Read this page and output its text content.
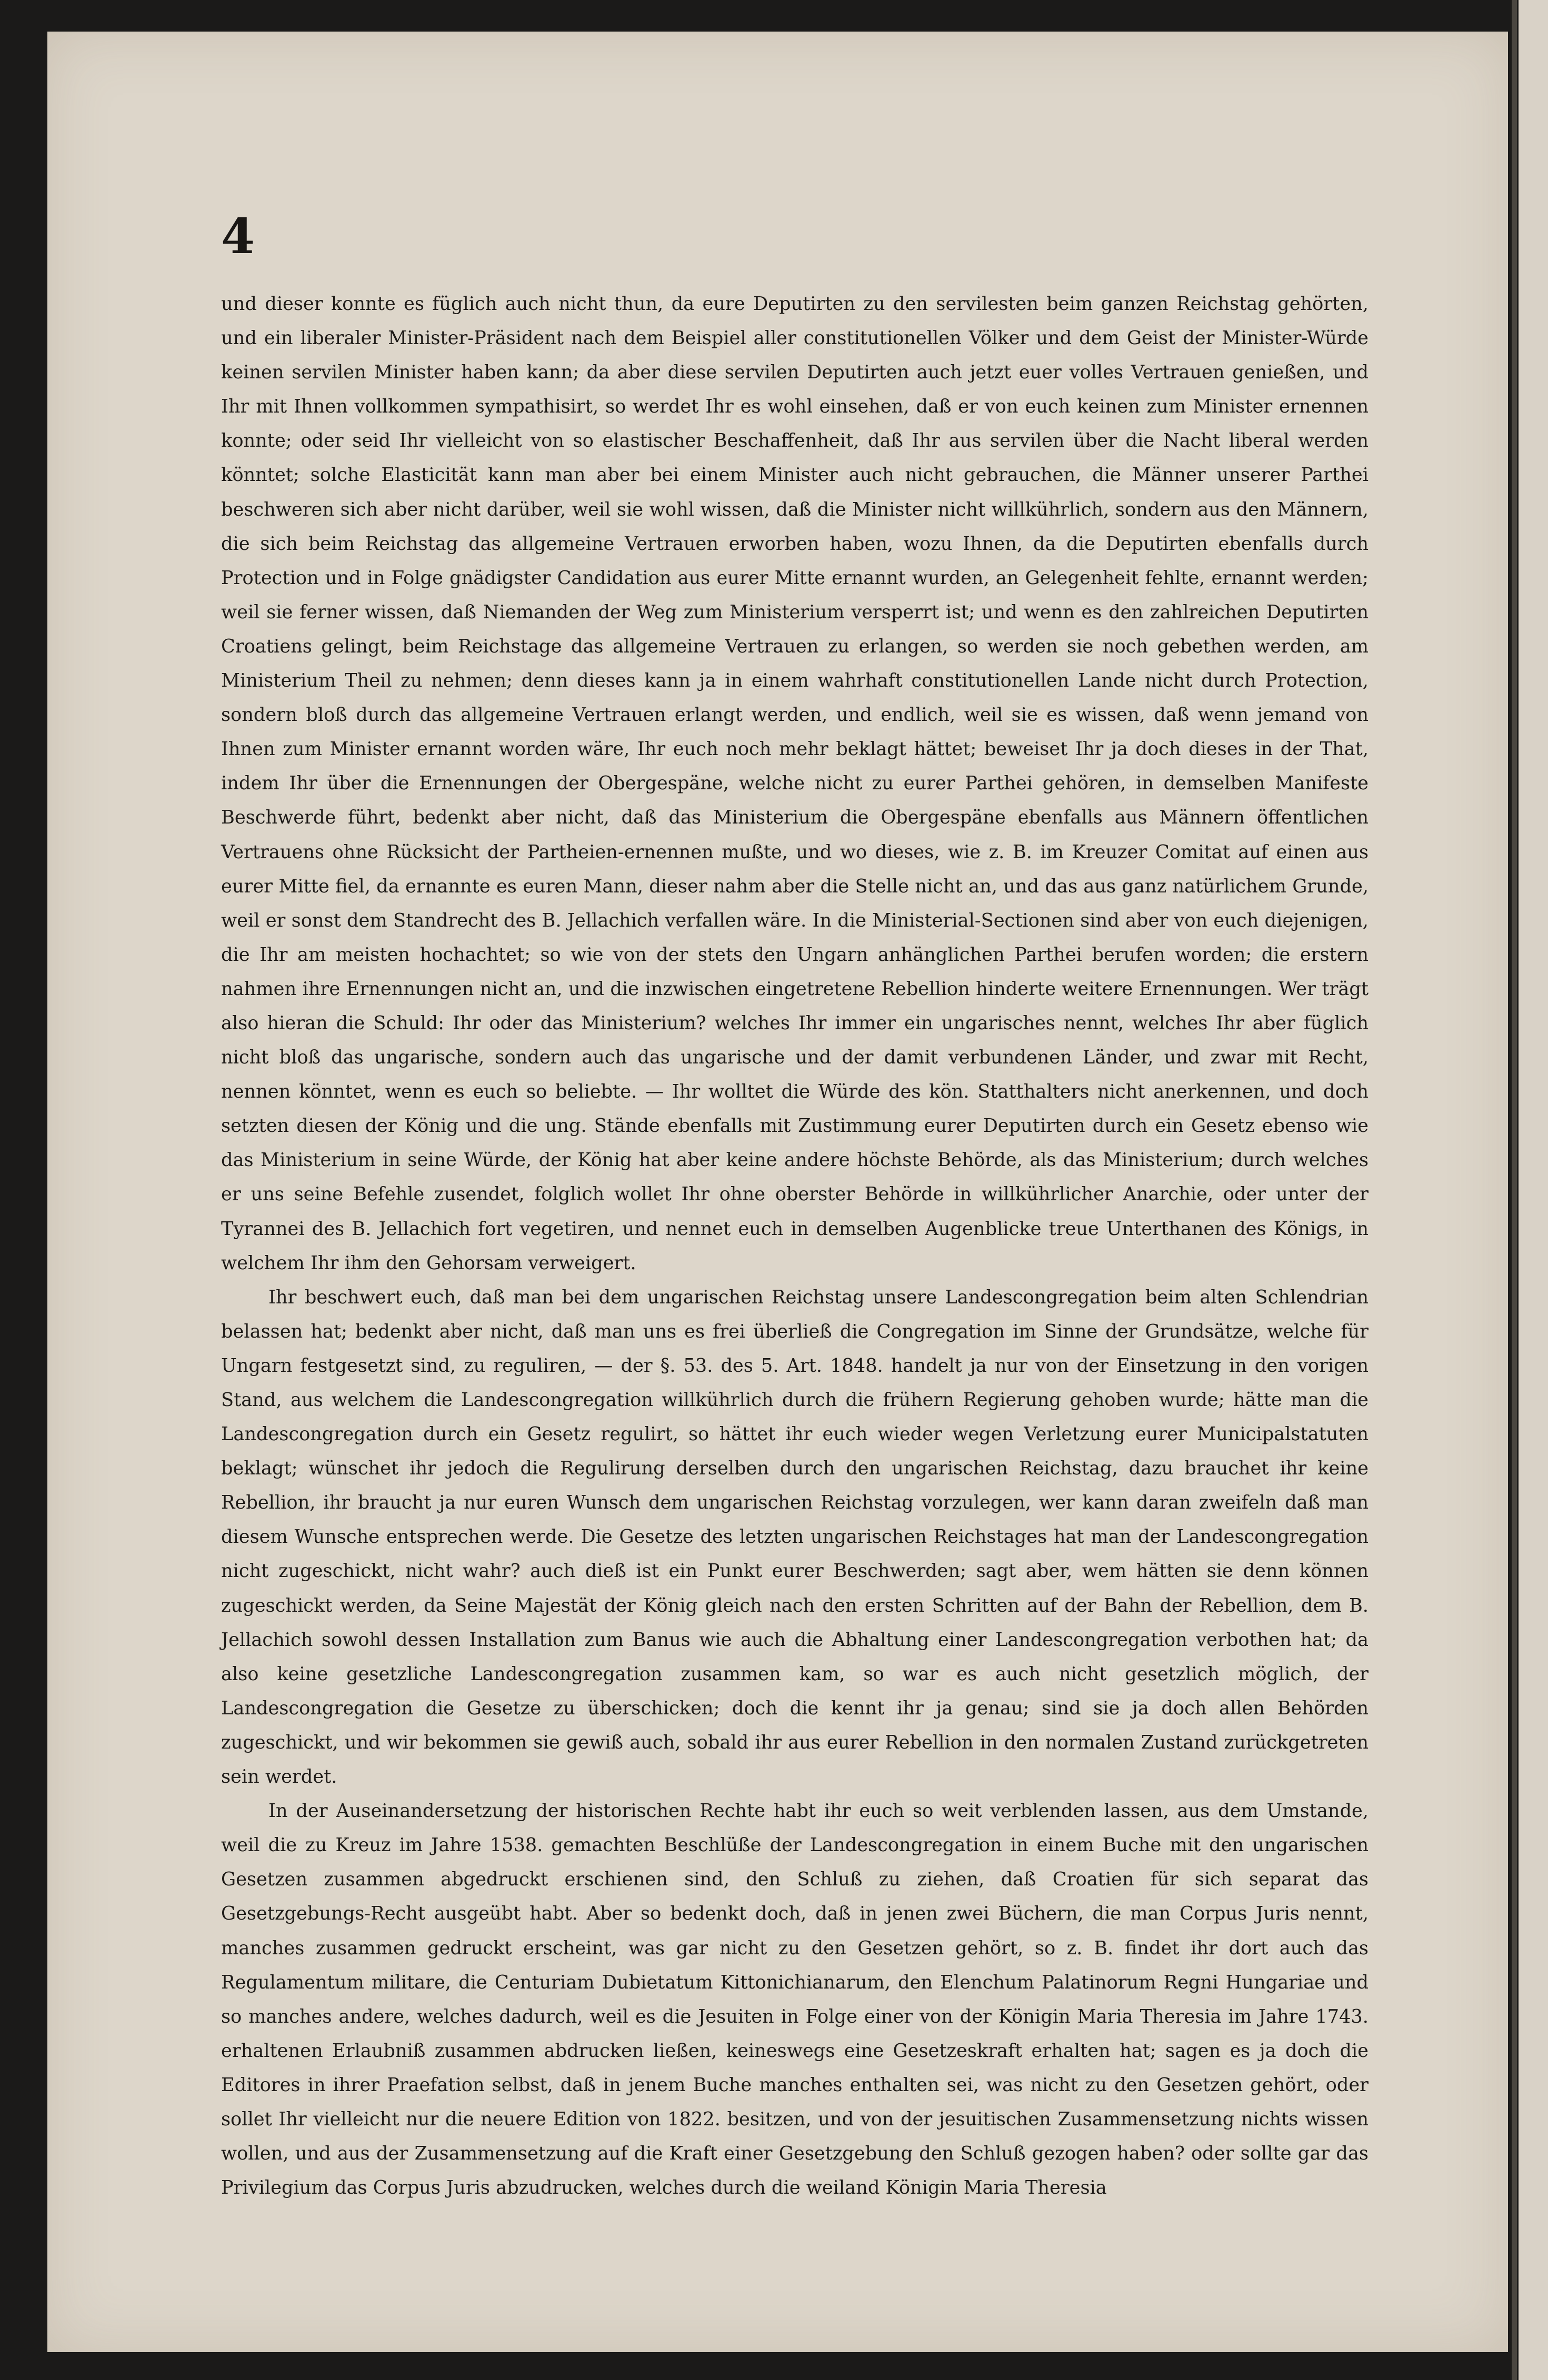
4

und dieser konnte es füglich auch nicht thun, da eure Deputirten zu den servilesten beim ganzen Reichstag gehörten, und ein liberaler Minister-Präsident nach dem Beispiel aller constitutionellen Völker und dem Geist der Minister-Würde keinen servilen Minister haben kann; da aber diese servilen Deputirten auch jetzt euer volles Vertrauen genießen, und Ihr mit Ihnen vollkommen sympathisirt, so werdet Ihr es wohl einsehen, daß er von euch keinen zum Minister ernennen konnte; oder seid Ihr vielleicht von so elastischer Beschaffenheit, daß Ihr aus servilen über die Nacht liberal werden könntet; solche Elasticität kann man aber bei einem Minister auch nicht gebrauchen, die Männer unserer Parthei beschweren sich aber nicht darüber, weil sie wohl wissen, daß die Minister nicht willkührlich, sondern aus den Männern, die sich beim Reichstag das allgemeine Vertrauen erworben haben, wozu Ihnen, da die Deputirten ebenfalls durch Protection und in Folge gnädigster Candidation aus eurer Mitte ernannt wurden, an Gelegenheit fehlte, ernannt werden; weil sie ferner wissen, daß Niemanden der Weg zum Ministerium versperrt ist; und wenn es den zahlreichen Deputirten Croatiens gelingt, beim Reichstage das allgemeine Vertrauen zu erlangen, so werden sie noch gebethen werden, am Ministerium Theil zu nehmen; denn dieses kann ja in einem wahrhaft constitutionellen Lande nicht durch Protection, sondern bloß durch das allgemeine Vertrauen erlangt werden, und endlich, weil sie es wissen, daß wenn jemand von Ihnen zum Minister ernannt worden wäre, Ihr euch noch mehr beklagt hättet; beweiset Ihr ja doch dieses in der That, indem Ihr über die Ernennungen der Obergespäne, welche nicht zu eurer Parthei gehören, in demselben Manifeste Beschwerde führt, bedenkt aber nicht, daß das Ministerium die Obergespäne ebenfalls aus Männern öffentlichen Vertrauens ohne Rücksicht der Partheien-ernennen mußte, und wo dieses, wie z. B. im Kreuzer Comitat auf einen aus eurer Mitte fiel, da ernannte es euren Mann, dieser nahm aber die Stelle nicht an, und das aus ganz natürlichem Grunde, weil er sonst dem Standrecht des B. Jellachich verfallen wäre. In die Ministerial-Sectionen sind aber von euch diejenigen, die Ihr am meisten hochachtet; so wie von der stets den Ungarn anhänglichen Parthei berufen worden; die erstern nahmen ihre Ernennungen nicht an, und die inzwischen eingetretene Rebellion hinderte weitere Ernennungen. Wer trägt also hieran die Schuld: Ihr oder das Ministerium? welches Ihr immer ein ungarisches nennt, welches Ihr aber füglich nicht bloß das ungarische, sondern auch das ungarische und der damit verbundenen Länder, und zwar mit Recht, nennen könntet, wenn es euch so beliebte. — Ihr wolltet die Würde des kön. Statthalters nicht anerkennen, und doch setzten diesen der König und die ung. Stände ebenfalls mit Zustimmung eurer Deputirten durch ein Gesetz ebenso wie das Ministerium in seine Würde, der König hat aber keine andere höchste Behörde, als das Ministerium; durch welches er uns seine Befehle zusendet, folglich wollet Ihr ohne oberster Behörde in willkührlicher Anarchie, oder unter der Tyrannei des B. Jellachich fort vegetiren, und nennet euch in demselben Augenblicke treue Unterthanen des Königs, in welchem Ihr ihm den Gehorsam verweigert.

Ihr beschwert euch, daß man bei dem ungarischen Reichstag unsere Landescongregation beim alten Schlendrian belassen hat; bedenkt aber nicht, daß man uns es frei überließ die Congregation im Sinne der Grundsätze, welche für Ungarn festgesetzt sind, zu reguliren, — der §. 53. des 5. Art. 1848. handelt ja nur von der Einsetzung in den vorigen Stand, aus welchem die Landescongregation willkührlich durch die frühern Regierung gehoben wurde; hätte man die Landescongregation durch ein Gesetz regulirt, so hättet ihr euch wieder wegen Verletzung eurer Municipalstatuten beklagt; wünschet ihr jedoch die Regulirung derselben durch den ungarischen Reichstag, dazu brauchet ihr keine Rebellion, ihr braucht ja nur euren Wunsch dem ungarischen Reichstag vorzulegen, wer kann daran zweifeln daß man diesem Wunsche entsprechen werde. Die Gesetze des letzten ungarischen Reichstages hat man der Landescongregation nicht zugeschickt, nicht wahr? auch dieß ist ein Punkt eurer Beschwerden; sagt aber, wem hätten sie denn können zugeschickt werden, da Seine Majestät der König gleich nach den ersten Schritten auf der Bahn der Rebellion, dem B. Jellachich sowohl dessen Installation zum Banus wie auch die Abhaltung einer Landescongregation verbothen hat; da also keine gesetzliche Landescongregation zusammen kam, so war es auch nicht gesetzlich möglich, der Landescongregation die Gesetze zu überschicken; doch die kennt ihr ja genau; sind sie ja doch allen Behörden zugeschickt, und wir bekommen sie gewiß auch, sobald ihr aus eurer Rebellion in den normalen Zustand zurückgetreten sein werdet.

In der Auseinandersetzung der historischen Rechte habt ihr euch so weit verblenden lassen, aus dem Umstande, weil die zu Kreuz im Jahre 1538. gemachten Beschlüße der Landescongregation in einem Buche mit den ungarischen Gesetzen zusammen abgedruckt erschienen sind, den Schluß zu ziehen, daß Croatien für sich separat das Gesetzgebungs-Recht ausgeübt habt. Aber so bedenkt doch, daß in jenen zwei Büchern, die man Corpus Juris nennt, manches zusammen gedruckt erscheint, was gar nicht zu den Gesetzen gehört, so z. B. findet ihr dort auch das Regulamentum militare, die Centuriam Dubietatum Kittonichianarum, den Elenchum Palatinorum Regni Hungariae und so manches andere, welches dadurch, weil es die Jesuiten in Folge einer von der Königin Maria Theresia im Jahre 1743. erhaltenen Erlaubniß zusammen abdrucken ließen, keineswegs eine Gesetzeskraft erhalten hat; sagen es ja doch die Editores in ihrer Praefation selbst, daß in jenem Buche manches enthalten sei, was nicht zu den Gesetzen gehört, oder sollet Ihr vielleicht nur die neuere Edition von 1822. besitzen, und von der jesuitischen Zusammensetzung nichts wissen wollen, und aus der Zusammensetzung auf die Kraft einer Gesetzgebung den Schluß gezogen haben? oder sollte gar das Privilegium das Corpus Juris abzudrucken, welches durch die weiland Königin Maria Theresia
